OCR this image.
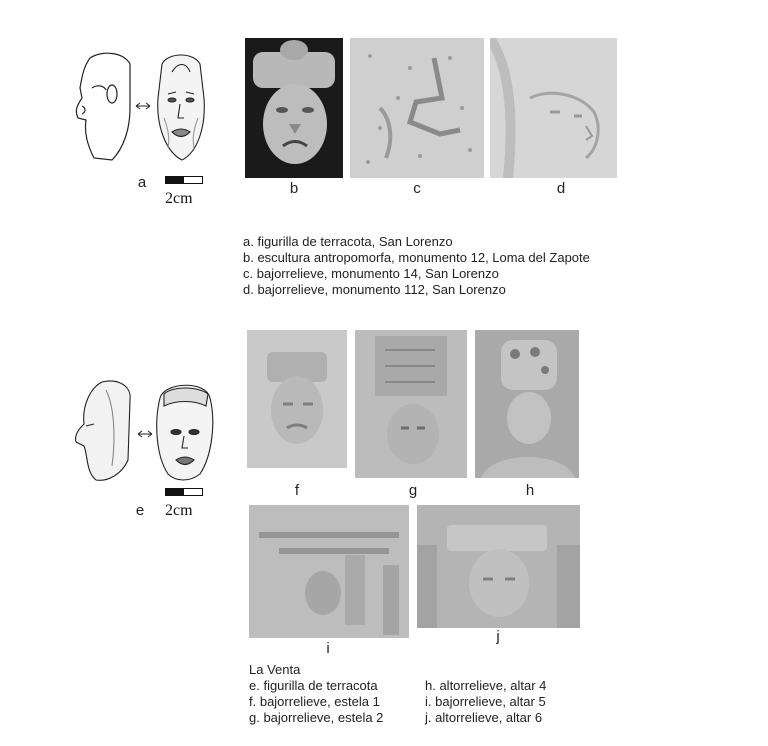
a
2cm
b	c	d
a. figurilla de terracota, San Lorenzo
b. escultura antropomorfa, monumento 12, Loma del Zapote
c. bajorrelieve, monumento 14, San Lorenzo
d. bajorrelieve, monumento 112, San Lorenzo
e	2cm
f	g	h
i
j
La Venta
e. figurilla de terracota
f. bajorrelieve, estela 1
g. bajorrelieve, estela 2
h. altorrelieve, altar 4
i. bajorrelieve, altar 5
j. altorrelieve, altar 6
